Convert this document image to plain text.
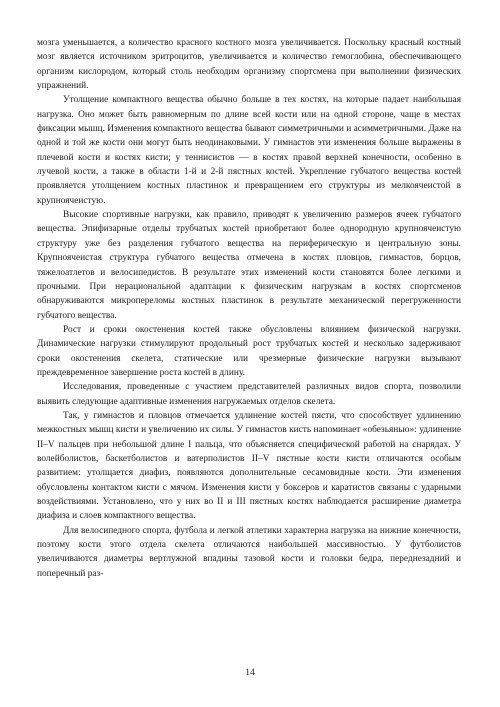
мозга уменьшается, а количество красного костного мозга увеличивается. Поскольку красный костный мозг является источником эритроцитов, увеличивается и количество гемоглобина, обеспечивающего организм кислородом, который столь необходим организму спортсмена при выполнении физических упражнений.

Утолщение компактного вещества обычно больше в тех костях, на которые падает наибольшая нагрузка. Оно может быть равномерным по длине всей кости или на одной стороне, чаще в местах фиксации мышц. Изменения компактного вещества бывают симметричными и асимметричными. Даже на одной и той же кости они могут быть неодинаковыми. У гимнастов эти изменения больше выражены в плечевой кости и костях кисти; у теннисистов — в костях правой верхней конечности, особенно в лучевой кости, а также в области 1-й и 2-й пястных костей. Укрепление губчатого вещества костей проявляется утолщением костных пластинок и превращением его структуры из мелкоячеистой в крупноячеистую.

Высокие спортивные нагрузки, как правило, приводят к увеличению размеров ячеек губчатого вещества. Эпифизарные отделы трубчатых костей приобретают более однородную крупноячеистую структуру уже без разделения губчатого вещества на периферическую и центральную зоны. Крупноячеистая структура губчатого вещества отмечена в костях пловцов, гимнастов, борцов, тяжелоатлетов и велосипедистов. В результате этих изменений кости становятся более легкими и прочными. При нерациональной адаптации к физическим нагрузкам в костях спортсменов обнаруживаются микропереломы костных пластинок в результате механической перегруженности губчатого вещества.

Рост и сроки окостенения костей также обусловлены влиянием физической нагрузки. Динамические нагрузки стимулируют продольный рост трубчатых костей и несколько задерживают сроки окостенения скелета, статические или чрезмерные физические нагрузки вызывают преждевременное завершение роста костей в длину.

Исследования, проведенные с участием представителей различных видов спорта, позволили выявить следующие адаптивные изменения нагружаемых отделов скелета.

Так, у гимнастов и пловцов отмечается удлинение костей пясти, что способствует удлинению межкостных мышц кисти и увеличению их силы. У гимнастов кисть напоминает «обезьянью»: удлинение II–V пальцев при небольшой длине I пальца, что объясняется специфической работой на снарядах. У волейболистов, баскетболистов и ватерполистов II–V пястные кости кисти отличаются особым развитием: утолщается диафиз, появляются дополнительные сесамовидные кости. Эти изменения обусловлены контактом кисти с мячом. Изменения кисти у боксеров и каратистов связаны с ударными воздействиями. Установлено, что у них во II и III пястных костях наблюдается расширение диаметра диафиза и слоев компактного вещества.

Для велосипедного спорта, футбола и легкой атлетики характерна нагрузка на нижние конечности, поэтому кости этого отдела скелета отличаются наибольшей массивностью. У футболистов увеличиваются диаметры вертлужной впадины тазовой кости и головки бедра, переднезадний и поперечный раз-

14
